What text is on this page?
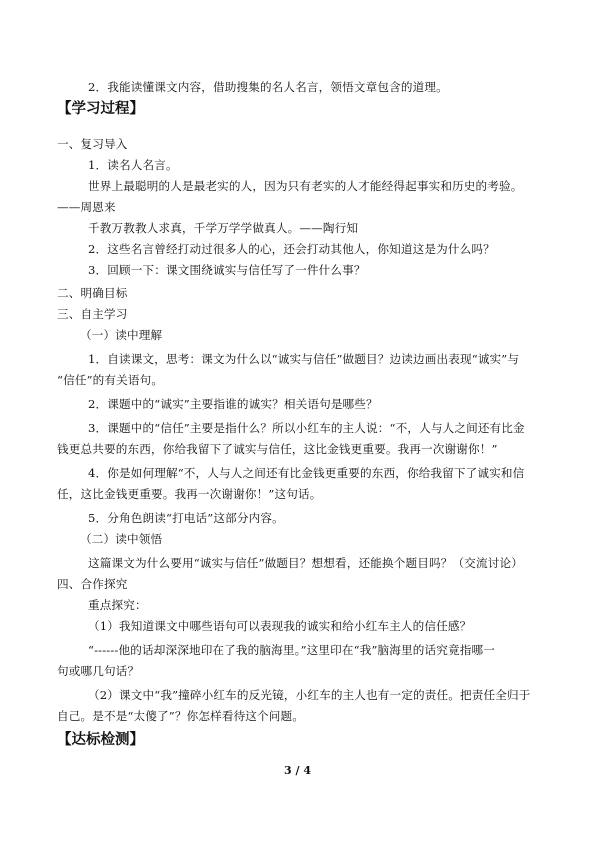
2．我能读懂课文内容，借助搜集的名人名言，领悟文章包含的道理。
【学习过程】
一、复习导入
1．读名人名言。
世界上最聪明的人是最老实的人，因为只有老实的人才能经得起事实和历史的考验。
——周恩来
千教万教教人求真，千学万学学做真人。——陶行知
2．这些名言曾经打动过很多人的心，还会打动其他人，你知道这是为什么吗？
3．回顾一下：课文围绕诚实与信任写了一件什么事？
二、明确目标
三、自主学习
（一）读中理解
1．自读课文，思考：课文为什么以“诚实与信任”做题目？边读边画出表现“诚实”与
“信任”的有关语句。
2．课题中的“诚实”主要指谁的诚实？相关语句是哪些？
3．课题中的“信任”主要是指什么？所以小红车的主人说：“不，人与人之间还有比金
钱更总共要的东西，你给我留下了诚实与信任，这比金钱更重要。我再一次谢谢你！”
4．你是如何理解“不，人与人之间还有比金钱更重要的东西，你给我留下了诚实和信
任，这比金钱更重要。我再一次谢谢你！”这句话。
5．分角色朗读“打电话”这部分内容。
（二）读中领悟
这篇课文为什么要用“诚实与信任”做题目？想想看，还能换个题目吗？（交流讨论）
四、合作探究
重点探究：
（1）我知道课文中哪些语句可以表现我的诚实和给小红车主人的信任感？
“------他的话却深深地印在了我的脑海里。”这里印在“我”脑海里的话究竟指哪一
句或哪几句话？
（2）课文中“我”撞碎小红车的反光镜，小红车的主人也有一定的责任。把责任全归于
自己。是不是“太傻了”？你怎样看待这个问题。
【达标检测】
3 / 4
